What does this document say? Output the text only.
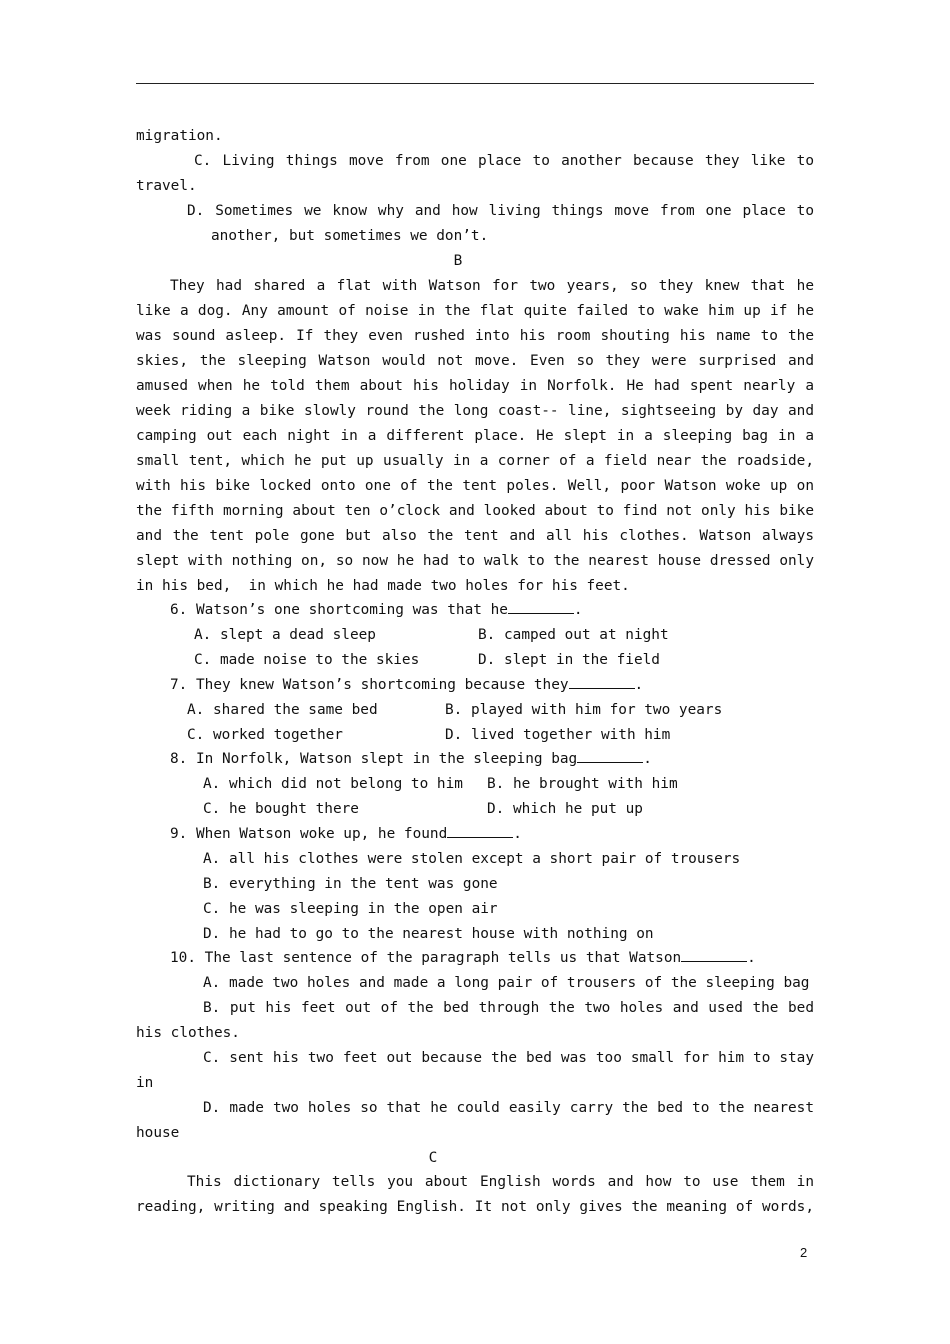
migration.
C. Living things move from one place to another because they like to
travel.
D. Sometimes we know why and how living things move from one place to
another, but sometimes we don’t.
B
They had shared a flat with Watson for two years, so they knew that he
like a dog. Any amount of noise in the flat quite failed to wake him up if he
was sound asleep. If they even rushed into his room shouting his name to the
skies, the sleeping Watson would not move. Even so they were surprised and
amused when he told them about his holiday in Norfolk. He had spent nearly a
week riding a bike slowly round the long coast-- line, sightseeing by day and
camping out each night in a different place. He slept in a sleeping bag in a
small tent, which he put up usually in a corner of a field near the roadside,
with his bike locked onto one of the tent poles. Well, poor Watson woke up on
the fifth morning about ten o’clock and looked about to find not only his bike
and the tent pole gone but also the tent and all his clothes. Watson always
slept with nothing on, so now he had to walk to the nearest house dressed only
in his bed,  in which he had made two holes for his feet.
6. Watson’s one shortcoming was that he	.
A. slept a dead sleep	B. camped out at night
C. made noise to the skies	D. slept in the field
7. They knew Watson’s shortcoming because they	.
A. shared the same bed	B. played with him for two years
C. worked together	D. lived together with him
8. In Norfolk, Watson slept in the sleeping bag	.
A. which did not belong to him	B. he brought with him
C. he bought there	D. which he put up
9. When Watson woke up, he found	.
A. all his clothes were stolen except a short pair of trousers
B. everything in the tent was gone
C. he was sleeping in the open air
D. he had to go to the nearest house with nothing on
10. The last sentence of the paragraph tells us that Watson	.
A. made two holes and made a long pair of trousers of the sleeping bag
B. put his feet out of the bed through the two holes and used the bed
his clothes.
C. sent his two feet out because the bed was too small for him to stay
in
D. made two holes so that he could easily carry the bed to the nearest
house
C
This dictionary tells you about English words and how to use them in
reading, writing and speaking English. It not only gives the meaning of words,
2
